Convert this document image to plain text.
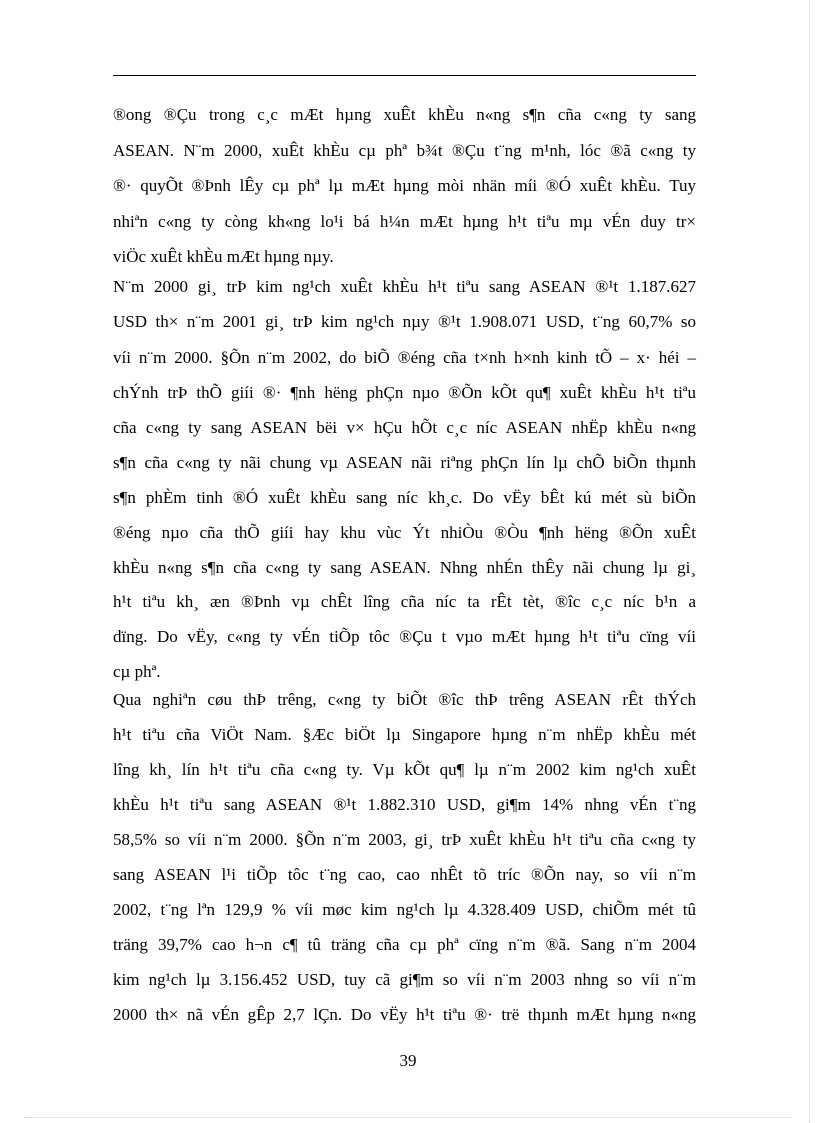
®ong ®Çu trong c¸c mÆt hµng xuÊt khÈu n«ng s¶n cña c«ng ty sang
ASEAN. N¨m 2000, xuÊt khÈu cµ phª b¾t ®Çu t¨ng m¹nh, lóc ®ã c«ng ty
®· quyÕt ®Þnh lÊy cµ phª lµ mÆt hµng mòi nhän míi ®Ó xuÊt khÈu. Tuy
nhiªn c«ng ty còng kh«ng lo¹i bá h¼n mÆt hµng h¹t tiªu mµ vÉn duy tr×
viÖc xuÊt khÈu mÆt hµng nµy.
N¨m 2000 gi¸ trÞ kim ng¹ch xuÊt khÈu h¹t tiªu sang ASEAN ®¹t 1.187.627
USD th× n¨m 2001 gi¸ trÞ kim ng¹ch nµy ®¹t 1.908.071 USD, t¨ng 60,7% so
víi n¨m 2000. §Õn n¨m 2002, do biÕ ®éng cña t×nh h×nh kinh tÕ – x· héi –
chÝnh trÞ thÕ giíi ®· ¶nh hëng phÇn nµo ®Õn kÕt qu¶ xuÊt khÈu h¹t tiªu
cña c«ng ty sang ASEAN bëi v× hÇu hÕt c¸c níc ASEAN nhËp khÈu n«ng
s¶n cña c«ng ty nãi chung vµ ASEAN nãi riªng phÇn lín lµ chÕ biÕn thµnh
s¶n phÈm tinh ®Ó xuÊt khÈu sang níc kh¸c. Do vËy bÊt kú mét sù biÕn
®éng nµo cña thÕ giíi hay khu vùc Ýt nhiÒu ®Òu ¶nh hëng ®Õn xuÊt
khÈu n«ng s¶n cña c«ng ty sang ASEAN. Nhng nhÉn thÊy nãi chung lµ gi¸
h¹t tiªu kh¸ æn ®Þnh vµ chÊt lîng cña níc ta rÊt tèt, ®îc c¸c níc b¹n a
dïng. Do vËy, c«ng ty vÉn tiÕp tôc ®Çu t vµo mÆt hµng h¹t tiªu cïng víi
cµ phª.
Qua nghiªn cøu thÞ trêng, c«ng ty biÕt ®îc thÞ trêng ASEAN rÊt thÝch
h¹t tiªu cña ViÖt Nam. §Æc biÖt lµ Singapore hµng n¨m nhËp khÈu mét
lîng kh¸ lín h¹t tiªu cña c«ng ty. Vµ kÕt qu¶ lµ n¨m 2002 kim ng¹ch xuÊt
khÈu h¹t tiªu sang ASEAN ®¹t 1.882.310 USD, gi¶m 14% nhng vÉn t¨ng
58,5% so víi n¨m 2000. §Õn n¨m 2003, gi¸ trÞ xuÊt khÈu h¹t tiªu cña c«ng ty
sang ASEAN l¹i tiÕp tôc t¨ng cao, cao nhÊt tõ tríc ®Õn nay, so víi n¨m
2002, t¨ng lªn 129,9 % víi møc kim ng¹ch lµ 4.328.409 USD, chiÕm mét tû
träng 39,7% cao h¬n c¶ tû träng cña cµ phª cïng n¨m ®ã. Sang n¨m 2004
kim ng¹ch lµ 3.156.452 USD, tuy cã gi¶m so víi n¨m 2003 nhng so víi n¨m
2000 th× nã vÉn gÊp 2,7 lÇn. Do vËy h¹t tiªu ®· trë thµnh mÆt hµng n«ng
39
